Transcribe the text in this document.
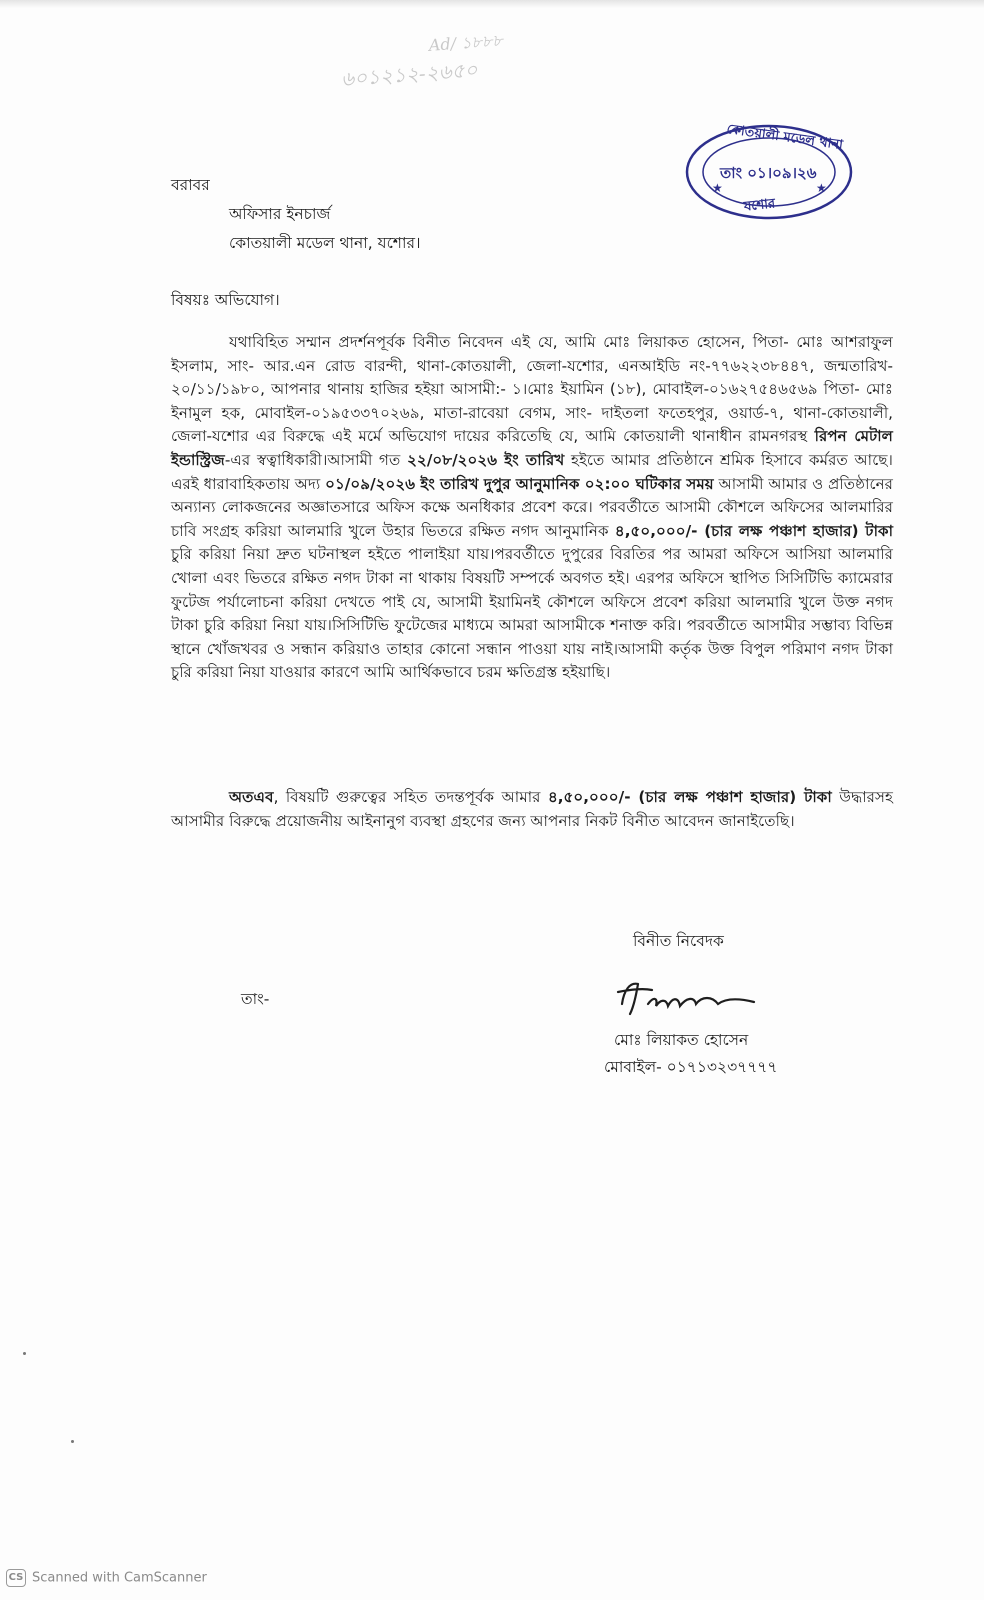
Ad/ ১৮৮৮
৬০১২১২-২৬৫০
★	★
কোতয়ালী মডেল থানা
তাং ০১।০৯।২৬
যশোর
বরাবর
অফিসার ইনচার্জ
কোতয়ালী মডেল থানা, যশোর।
বিষয়ঃ অভিযোগ।
যথাবিহিত সম্মান প্রদর্শনপূর্বক বিনীত নিবেদন এই যে, আমি মোঃ লিয়াকত হোসেন, পিতা- মোঃ আশরাফুল ইসলাম, সাং- আর.এন রোড বারন্দী, থানা-কোতয়ালী, জেলা-যশোর, এনআইডি নং-৭৭৬২২৩৮৪৪৭, জন্মতারিখ- ২০/১১/১৯৮০, আপনার থানায় হাজির হইয়া আসামী:- ১।মোঃ ইয়ামিন (১৮), মোবাইল-০১৬২৭৫৪৬৫৬৯ পিতা- মোঃ ইনামুল হক, মোবাইল-০১৯৫৩৩৭০২৬৯, মাতা-রাবেয়া বেগম, সাং- দাইতলা ফতেহপুর, ওয়ার্ড-৭, থানা-কোতয়ালী, জেলা-যশোর এর বিরুদ্ধে এই মর্মে অভিযোগ দায়ের করিতেছি যে, আমি কোতয়ালী থানাধীন রামনগরস্থ রিপন মেটাল ইন্ডাস্ট্রিজ-এর স্বত্বাধিকারী।আসামী গত ২২/০৮/২০২৬ ইং তারিখ হইতে আমার প্রতিষ্ঠানে শ্রমিক হিসাবে কর্মরত আছে।এরই ধারাবাহিকতায় অদ্য ০১/০৯/২০২৬ ইং তারিখ দুপুর আনুমানিক ০২:০০ ঘটিকার সময় আসামী আমার ও প্রতিষ্ঠানের অন্যান্য লোকজনের অজ্ঞাতসারে অফিস কক্ষে অনধিকার প্রবেশ করে। পরবর্তীতে আসামী কৌশলে অফিসের আলমারির চাবি সংগ্রহ করিয়া আলমারি খুলে উহার ভিতরে রক্ষিত নগদ আনুমানিক ৪,৫০,০০০/- (চার লক্ষ পঞ্চাশ হাজার) টাকা চুরি করিয়া নিয়া দ্রুত ঘটনাস্থল হইতে পালাইয়া যায়।পরবর্তীতে দুপুরের বিরতির পর আমরা অফিসে আসিয়া আলমারি খোলা এবং ভিতরে রক্ষিত নগদ টাকা না থাকায় বিষয়টি সম্পর্কে অবগত হই। এরপর অফিসে স্থাপিত সিসিটিভি ক্যামেরার ফুটেজ পর্যালোচনা করিয়া দেখতে পাই যে, আসামী ইয়ামিনই কৌশলে অফিসে প্রবেশ করিয়া আলমারি খুলে উক্ত নগদ টাকা চুরি করিয়া নিয়া যায়।সিসিটিভি ফুটেজের মাধ্যমে আমরা আসামীকে শনাক্ত করি। পরবর্তীতে আসামীর সম্ভাব্য বিভিন্ন স্থানে খোঁজখবর ও সন্ধান করিয়াও তাহার কোনো সন্ধান পাওয়া যায় নাই।আসামী কর্তৃক উক্ত বিপুল পরিমাণ নগদ টাকা চুরি করিয়া নিয়া যাওয়ার কারণে আমি আর্থিকভাবে চরম ক্ষতিগ্রস্ত হইয়াছি।
অতএব, বিষয়টি গুরুত্বের সহিত তদন্তপূর্বক আমার ৪,৫০,০০০/- (চার লক্ষ পঞ্চাশ হাজার) টাকা উদ্ধারসহ আসামীর বিরুদ্ধে প্রয়োজনীয় আইনানুগ ব্যবস্থা গ্রহণের জন্য আপনার নিকট বিনীত আবেদন জানাইতেছি।
বিনীত নিবেদক
তাং-
মোঃ লিয়াকত হোসেন
মোবাইল- ০১৭১৩২৩৭৭৭৭
CS Scanned with CamScanner
